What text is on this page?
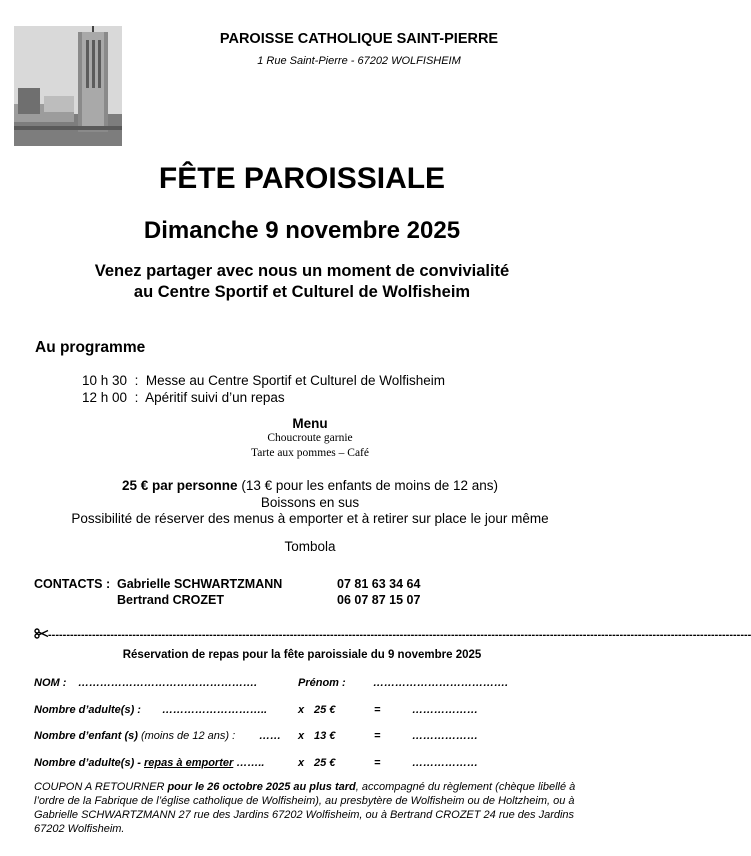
PAROISSE CATHOLIQUE SAINT-PIERRE
1 Rue Saint-Pierre - 67202 WOLFISHEIM
FÊTE PAROISSIALE
Dimanche 9 novembre 2025
Venez partager avec nous un moment de convivialité
au Centre Sportif et Culturel de Wolfisheim
Au programme
10 h 30 : Messe au Centre Sportif et Culturel de Wolfisheim
12 h 00 : Apéritif suivi d’un repas
Menu
Choucroute garnie
Tarte aux pommes – Café
25 € par personne (13 € pour les enfants de moins de 12 ans)
Boissons en sus
Possibilité de réserver des menus à emporter et à retirer sur place le jour même
Tombola
CONTACTS : Gabrielle SCHWARTZMANN	07 81 63 34 64
Bertrand CROZET	06 07 87 15 07
------------------------------------------------------------------------------------------------------------------------------------------------------------------------------------------------
Réservation de repas pour la fête paroissiale du 9 novembre 2025
NOM : ………………………………………….	Prénom : ……………………………….
Nombre d’adulte(s) : ………………………..	x 25 €	=	………………
Nombre d’enfant (s) (moins de 12 ans) : …… x 13 €	=	………………
Nombre d’adulte(s) - repas à emporter ……..	x 25 €	=	………………
COUPON A RETOURNER pour le 26 octobre 2025 au plus tard, accompagné du règlement (chèque libellé à l’ordre de la Fabrique de l’église catholique de Wolfisheim), au presbytère de Wolfisheim ou de Holtzheim, ou à Gabrielle SCHWARTZMANN 27 rue des Jardins 67202 Wolfisheim, ou à Bertrand CROZET 24 rue des Jardins 67202 Wolfisheim.
